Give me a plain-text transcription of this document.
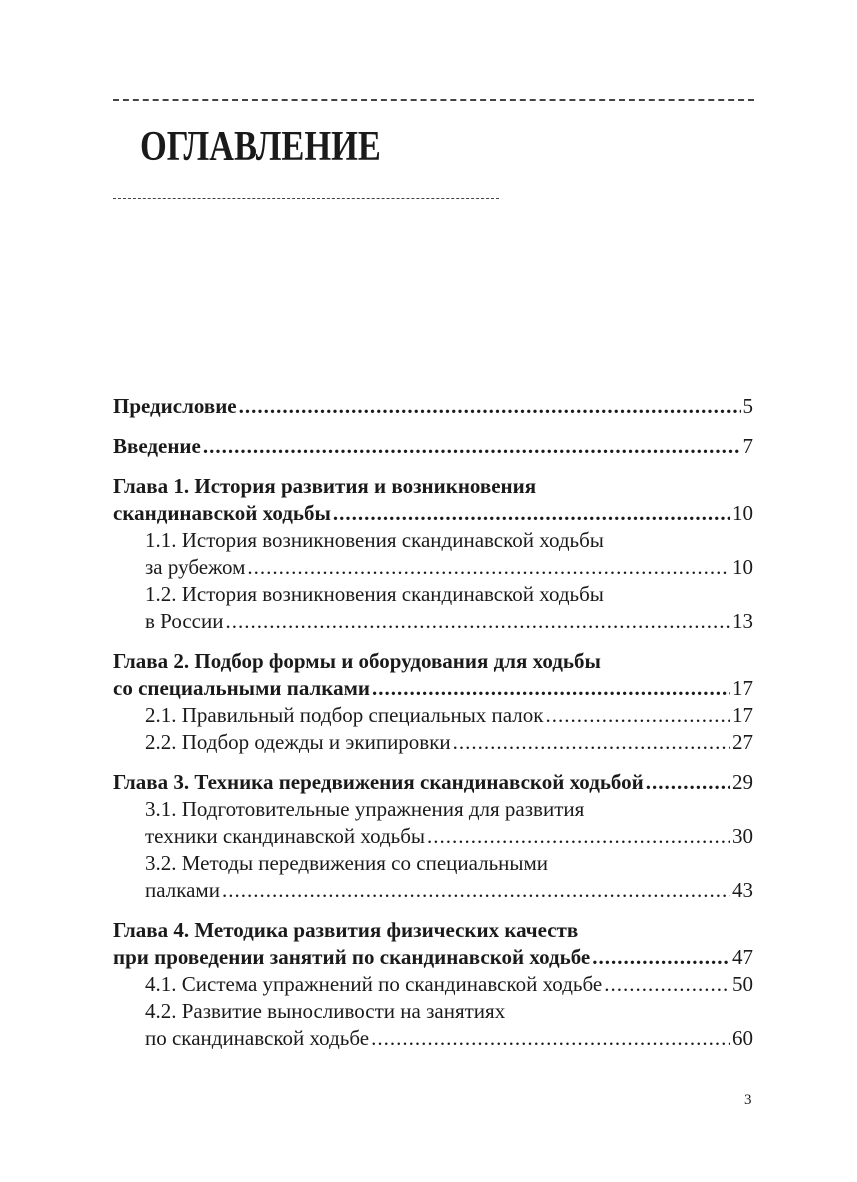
ОГЛАВЛЕНИЕ
Предисловие .....	5
Введение .....	7
Глава 1. История развития и возникновения
скандинавской ходьбы .....	10
1.1. История возникновения скандинавской ходьбы
за рубежом .....	10
1.2. История возникновения скандинавской ходьбы
в России .....	13
Глава 2. Подбор формы и оборудования для ходьбы
со специальными палками .....	17
2.1. Правильный подбор специальных палок .....	17
2.2. Подбор одежды и экипировки .....	27
Глава 3. Техника передвижения скандинавской ходьбой .....	29
3.1. Подготовительные упражнения для развития
техники скандинавской ходьбы .....	30
3.2. Методы передвижения со специальными
палками .....	43
Глава 4. Методика развития физических качеств
при проведении занятий по скандинавской ходьбе .....	47
4.1. Система упражнений по скандинавской ходьбе .....	50
4.2. Развитие выносливости на занятиях
по скандинавской ходьбе .....	60
3
